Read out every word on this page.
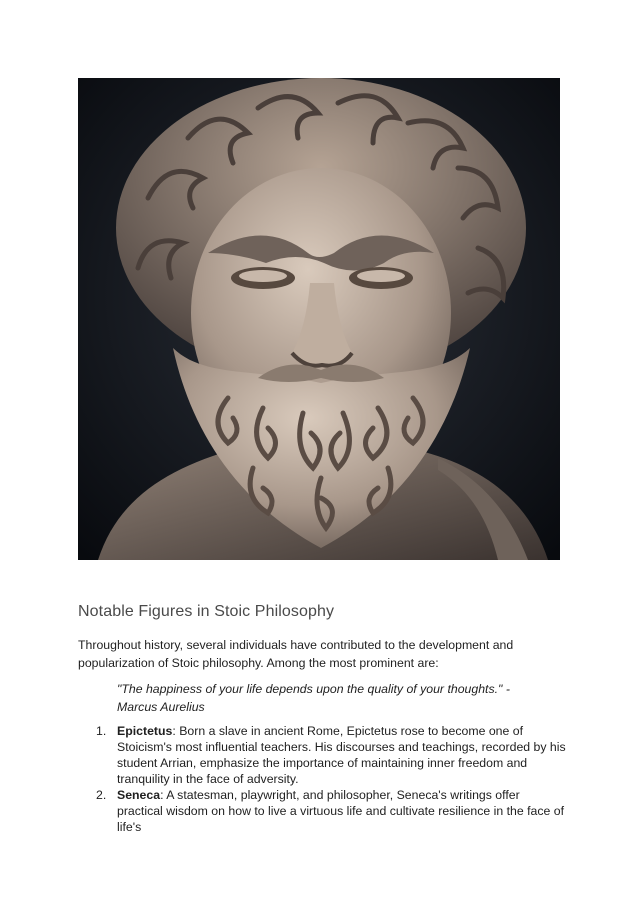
Notable Figures in Stoic Philosophy

Throughout history, several individuals have contributed to the development and popularization of Stoic philosophy. Among the most prominent are:

"The happiness of your life depends upon the quality of your thoughts." - Marcus Aurelius

1. Epictetus: Born a slave in ancient Rome, Epictetus rose to become one of Stoicism's most influential teachers. His discourses and teachings, recorded by his student Arrian, emphasize the importance of maintaining inner freedom and tranquility in the face of adversity.
2. Seneca: A statesman, playwright, and philosopher, Seneca's writings offer practical wisdom on how to live a virtuous life and cultivate resilience in the face of life's
